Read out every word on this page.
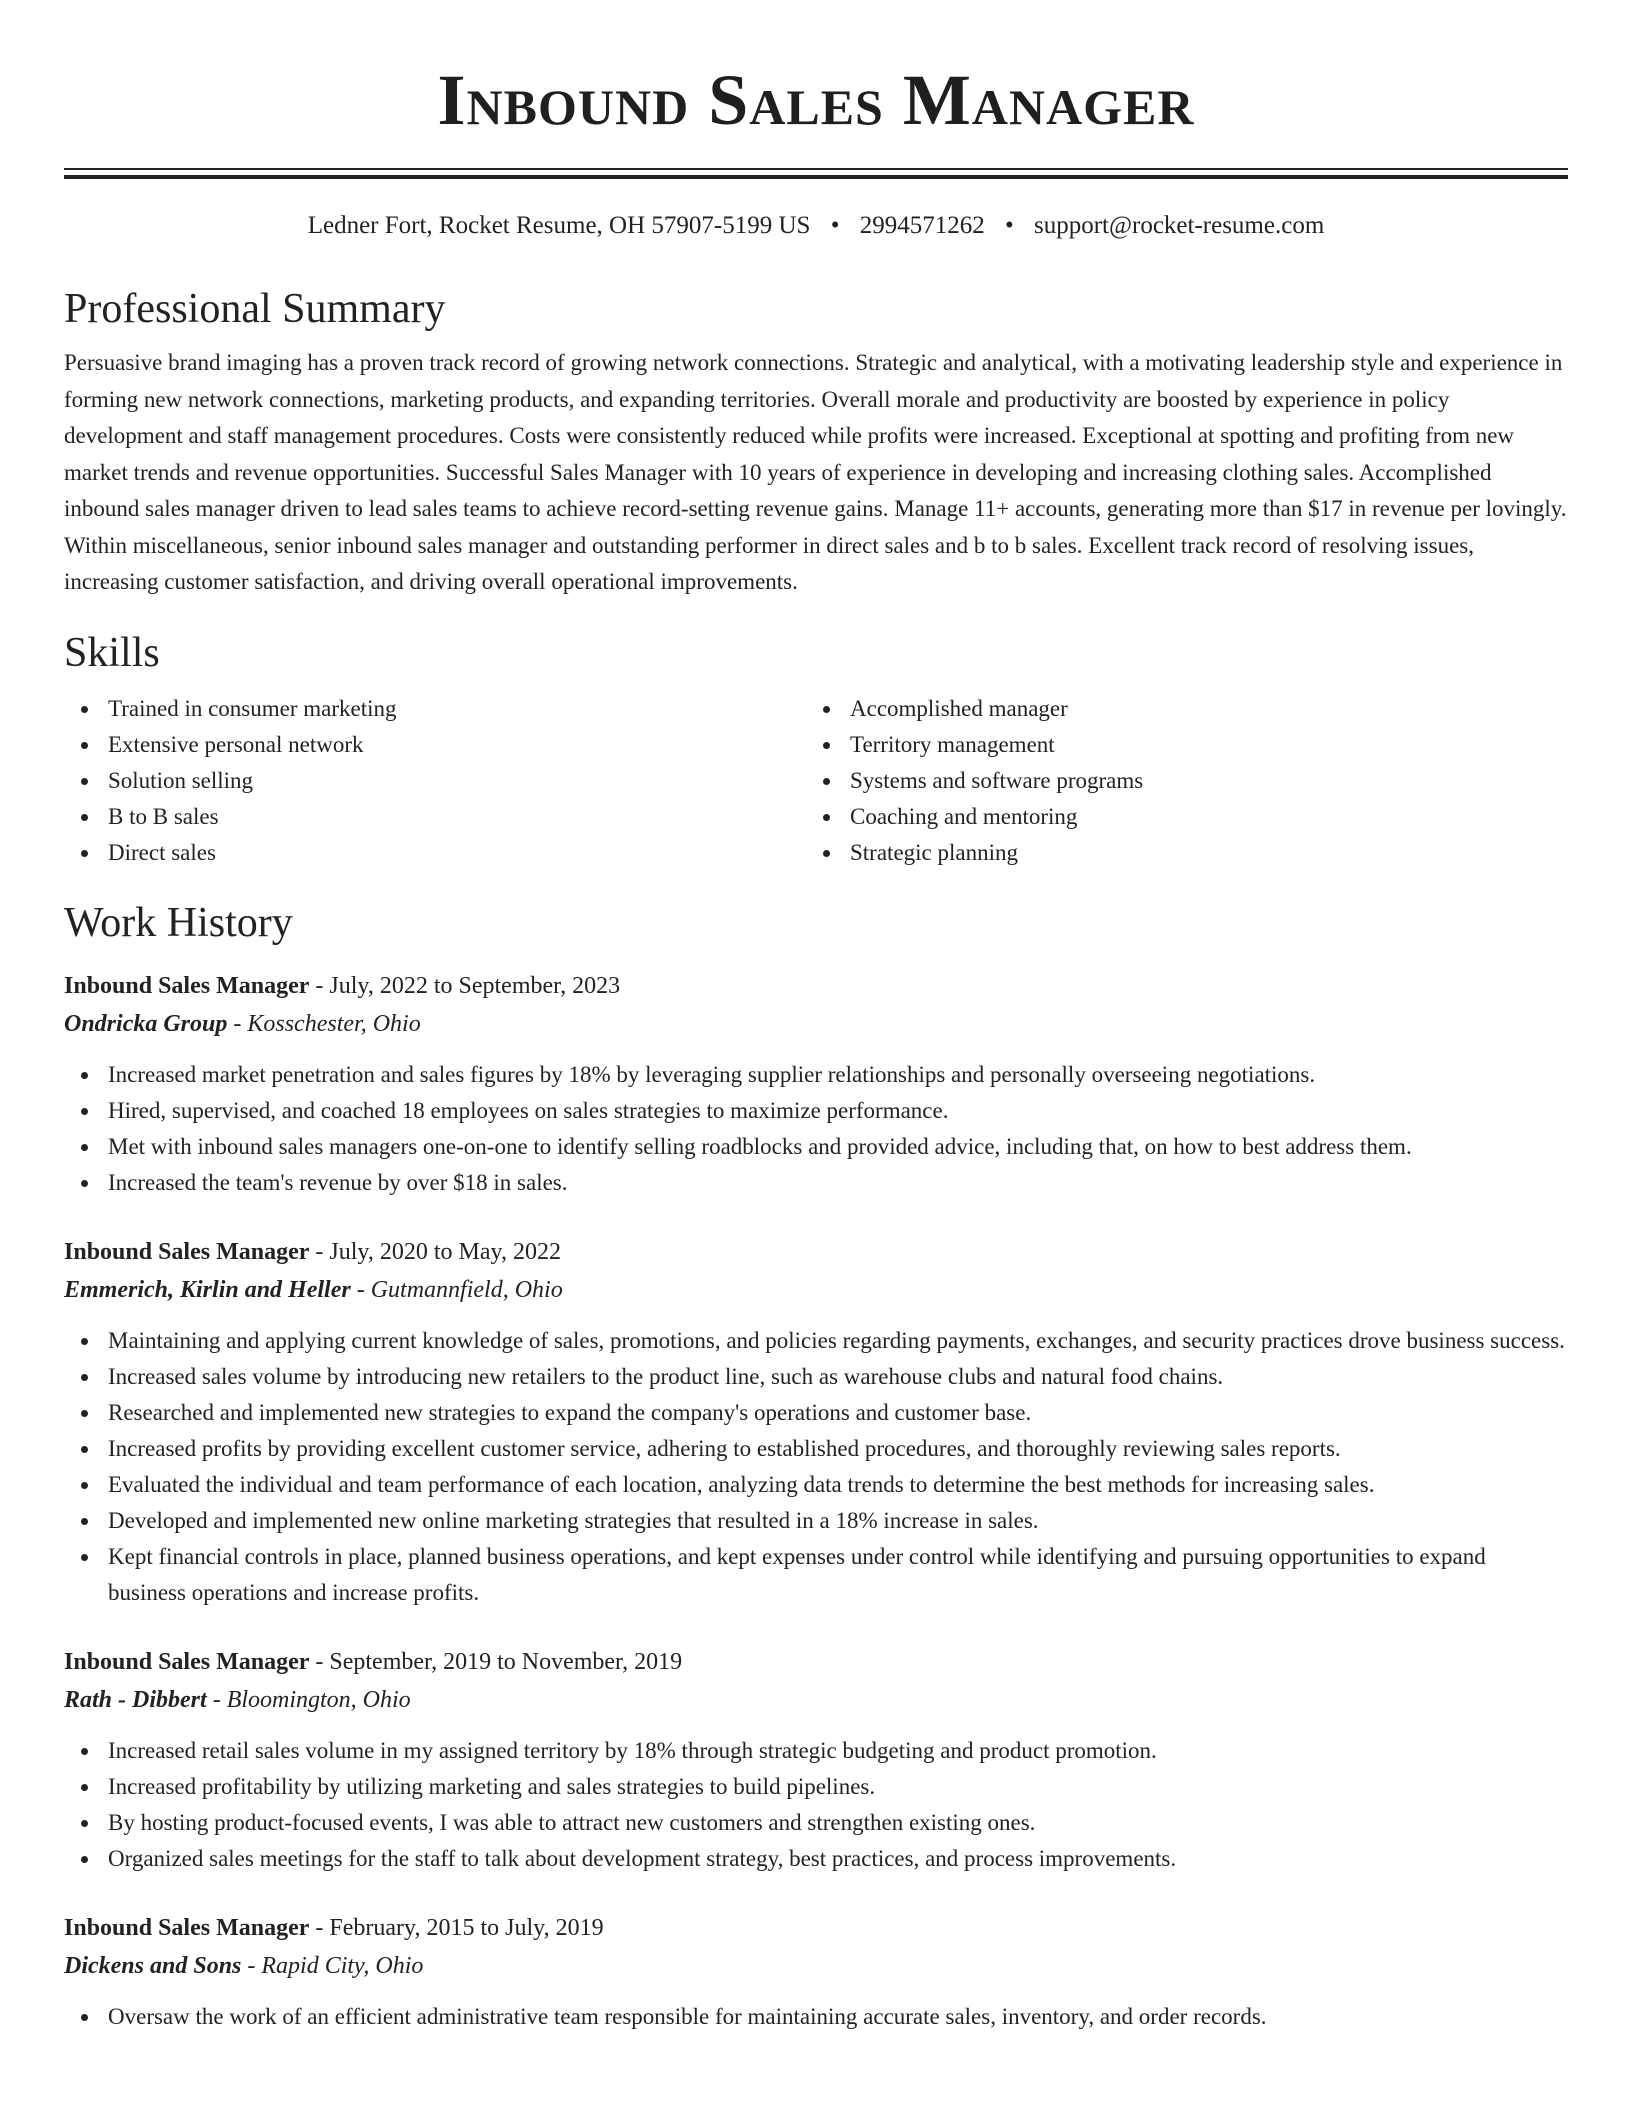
Inbound Sales Manager
Ledner Fort, Rocket Resume, OH 57907-5199 US • 2994571262 • support@rocket-resume.com
Professional Summary

Persuasive brand imaging has a proven track record of growing network connections. Strategic and analytical, with a motivating leadership style and experience in forming new network connections, marketing products, and expanding territories. Overall morale and productivity are boosted by experience in policy development and staff management procedures. Costs were consistently reduced while profits were increased. Exceptional at spotting and profiting from new market trends and revenue opportunities. Successful Sales Manager with 10 years of experience in developing and increasing clothing sales. Accomplished inbound sales manager driven to lead sales teams to achieve record-setting revenue gains. Manage 11+ accounts, generating more than $17 in revenue per lovingly. Within miscellaneous, senior inbound sales manager and outstanding performer in direct sales and b to b sales. Excellent track record of resolving issues, increasing customer satisfaction, and driving overall operational improvements.

Skills
Trained in consumer marketing
Extensive personal network
Solution selling
B to B sales
Direct sales
Accomplished manager
Territory management
Systems and software programs
Coaching and mentoring
Strategic planning
Work History

Inbound Sales Manager - July, 2022 to September, 2023

Ondricka Group - Kosschester, Ohio

Increased market penetration and sales figures by 18% by leveraging supplier relationships and personally overseeing negotiations.
Hired, supervised, and coached 18 employees on sales strategies to maximize performance.
Met with inbound sales managers one-on-one to identify selling roadblocks and provided advice, including that, on how to best address them.
Increased the team's revenue by over $18 in sales.

Inbound Sales Manager - July, 2020 to May, 2022

Emmerich, Kirlin and Heller - Gutmannfield, Ohio

Maintaining and applying current knowledge of sales, promotions, and policies regarding payments, exchanges, and security practices drove business success.
Increased sales volume by introducing new retailers to the product line, such as warehouse clubs and natural food chains.
Researched and implemented new strategies to expand the company's operations and customer base.
Increased profits by providing excellent customer service, adhering to established procedures, and thoroughly reviewing sales reports.
Evaluated the individual and team performance of each location, analyzing data trends to determine the best methods for increasing sales.
Developed and implemented new online marketing strategies that resulted in a 18% increase in sales.
Kept financial controls in place, planned business operations, and kept expenses under control while identifying and pursuing opportunities to expand business operations and increase profits.

Inbound Sales Manager - September, 2019 to November, 2019

Rath - Dibbert - Bloomington, Ohio

Increased retail sales volume in my assigned territory by 18% through strategic budgeting and product promotion.
Increased profitability by utilizing marketing and sales strategies to build pipelines.
By hosting product-focused events, I was able to attract new customers and strengthen existing ones.
Organized sales meetings for the staff to talk about development strategy, best practices, and process improvements.

Inbound Sales Manager - February, 2015 to July, 2019

Dickens and Sons - Rapid City, Ohio

Oversaw the work of an efficient administrative team responsible for maintaining accurate sales, inventory, and order records.
